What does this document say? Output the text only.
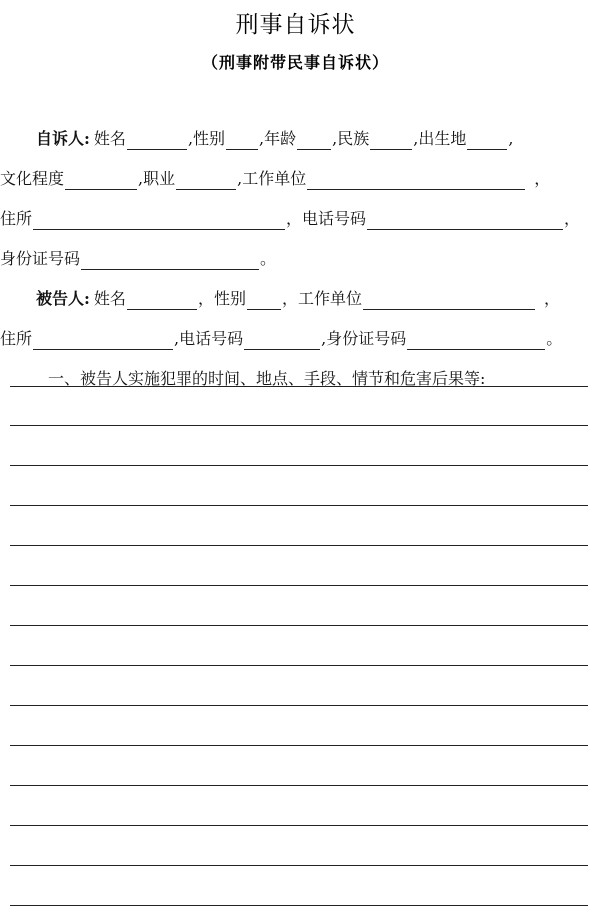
刑事自诉状
（刑事附带民事自诉状）
自诉人: 姓名	,性别 ,年龄 ,民族	,出生地	,
文化程度	,职业	,工作单位	，
住所	，电话号码	，
身份证号码	。
被告人: 姓名	，性别 ，工作单位	，
住所	,电话号码	,身份证号码	。
一、被告人实施犯罪的时间、地点、手段、情节和危害后果等:
